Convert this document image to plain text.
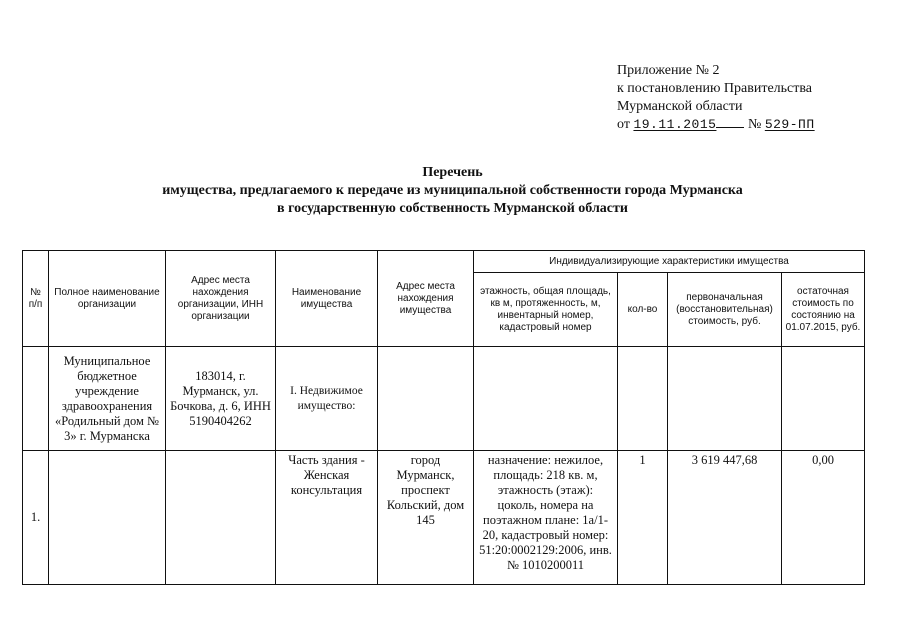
Приложение № 2
к постановлению Правительства
Мурманской области
от 19.11.2015 № 529-ПП
Перечень
имущества, предлагаемого к передаче из муниципальной собственности города Мурманска
в государственную собственность Мурманской области
№ п/п	Полное наименование организации	Адрес места нахождения организации, ИНН организации	Наименование имущества	Адрес места нахождения имущества	Индивидуализирующие характеристики имущества			
					этажность, общая площадь, кв м, протяженность, м, инвентарный номер, кадастровый номер	кол-во	первоначальная (восстановительная) стоимость, руб.	остаточная стоимость по состоянию на 01.07.2015, руб.
	Муниципальное бюджетное учреждение здравоохранения «Родильный дом № 3» г. Мурманска	183014, г. Мурманск, ул. Бочкова, д. 6, ИНН 5190404262	I. Недвижимое имущество:					
1.			Часть здания - Женская консультация	город Мурманск, проспект Кольский, дом 145	назначение: нежилое, площадь: 218 кв. м, этажность (этаж): цоколь, номера на поэтажном плане: 1а/1-20, кадастровый номер: 51:20:0002129:2006, инв. № 1010200011	1	3 619 447,68	0,00
